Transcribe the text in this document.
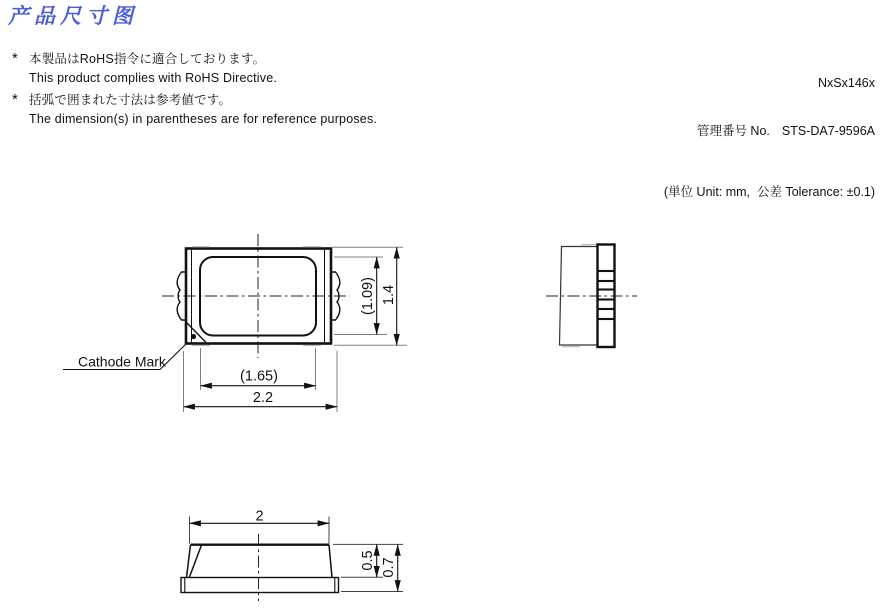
产品尺寸图

NxSx146x

管理番号 No. STS-DA7-9596A

(単位 Unit: mm,  公差 Tolerance: ±0.1)

* 本製品はRoHS指令に適合しております。
This product complies with RoHS Directive.
* 括弧で囲まれた寸法は参考値です。
The dimension(s) in parentheses are for reference purposes.
Cathode Mark
(1.65)
2.2
(1.09) 1.4
2
0.5 0.7
